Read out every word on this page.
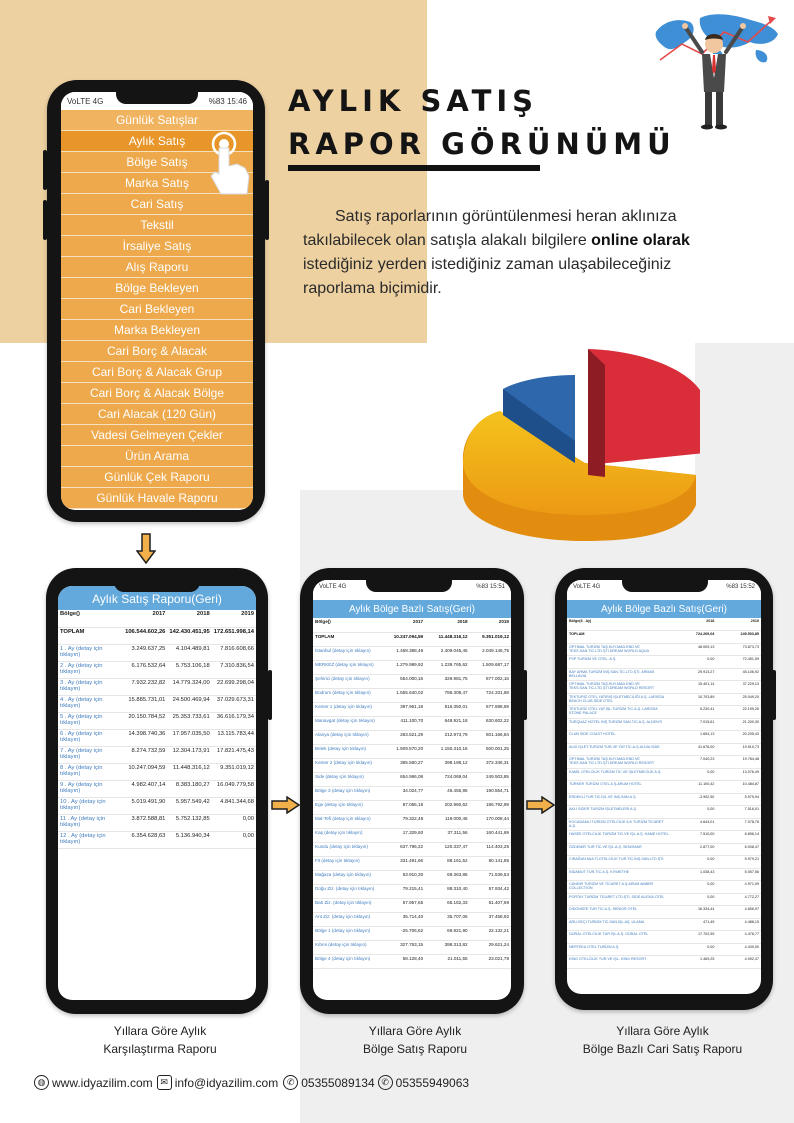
AYLIK SATIŞ
RAPOR GÖRÜNÜMÜ
Satış raporlarının görüntülenmesi heran aklınıza takılabilecek olan satışla alakalı bilgilere online olarak istediğiniz yerden istediğiniz zaman ulaşabileceğiniz raporlama biçimidir.
VoLTE 4G	%83 15:46
Günlük Satışlar
Aylık Satış
Bölge Satış
Marka Satış
Cari Satış
Tekstil
İrsaliye Satış
Alış Raporu
Bölge Bekleyen
Cari Bekleyen
Marka Bekleyen
Cari Borç & Alacak
Cari Borç & Alacak Grup
Cari Borç & Alacak Bölge
Cari Alacak (120 Gün)
Vadesi Gelmeyen Çekler
Ürün Arama
Günlük Çek Raporu
Günlük Havale Raporu
Aylık Satış Raporu(Geri)
Bölge()	2017	2018	2019
TOPLAM	106.544.602,26	142.430.451,95	172.651.998,14
1 . Ay (detay için tıklayın)	3.249.637,25	4.104.489,81	7.816.608,66
2 . Ay (detay için tıklayın)	6.176.532,64	5.753.106,18	7.310.836,54
3 . Ay (detay için tıklayın)	7.932.232,82	14.779.324,00	22.699.298,04
4 . Ay (detay için tıklayın)	15.885.731,01	24.500.469,94	37.029.673,31
5 . Ay (detay için tıklayın)	20.150.784,52	25.353.733,61	36.616.179,34
6 . Ay (detay için tıklayın)	14.398.740,36	17.957.035,50	13.115.783,44
7 . Ay (detay için tıklayın)	8.274.732,59	12.304.173,91	17.821.475,43
8 . Ay (detay için tıklayın)	10.247.094,59	11.448.316,12	9.351.019,12
9 . Ay (detay için tıklayın)	4.982.407,14	8.383.180,27	16.049.779,58
10 . Ay (detay için tıklayın)	5.019.491,90	5.957.549,42	4.841.344,68
11 . Ay (detay için tıklayın)	3.872.588,81	5.752.132,85	0,00
12 . Ay (detay için tıklayın)	6.354.628,63	5.136.940,34	0,00
VoLTE 4G	%83 15:51
Aylık Bölge Bazlı Satış(Geri)
Bölge()	2017	2018	2019
TOPLAM	10.247.094,59	11.448.316,12	9.351.019,12
İstanbul (detay için tıklayın)	1.468.388,46	2.409.045,45	2.049.146,75
MERKEZ (detay için tıklayın)	1.279.989,92	1.239.765,62	1.509.687,17
Şehirici (detay için tıklayın)	554.000,16	329.981,75	877.002,16
Bodrum (detay için tıklayın)	1.555.640,02	786.308,47	724.331,68
Kemer 1 (detay için tıklayın)	397.961,18	516.350,01	677.698,69
Manavgat (detay için tıklayın)	411.100,70	648.921,18	630.602,22
Alanya (detay için tıklayın)	283.521,29	212.973,79	601.166,84
Belek (detay için tıklayın)	1.509.570,20	1.150.310,16	500.001,25
Kemer 2 (detay için tıklayın)	365.560,27	398.198,12	372.346,31
Side (detay için tıklayın)	654.966,08	724.069,04	249.503,85
Bölge 3 (detay için tıklayın)	34.024,77	46.455,95	190.554,71
Ege (detay için tıklayın)	87.065,16	202.960,62	186.792,99
Mal-Tefi (detay için tıklayın)	79.322,48	119.000,46	170.008,44
Kaş (detay için tıklayın)	17.329,60	37.311,56	160.441,69
Kundu (detay için tıklayın)	637.796,22	120.337,47	114.403,25
Fit (detay için tıklayın)	331.491,66	88.161,52	80.141,85
Mağaza (detay için tıklayın)	53.910,30	69.363,86	71.539,53
Doğu Ziz. (detay için tıklayın)	79.215,41	88.310,40	57.934,42
Batı Ziz. (detay için tıklayın)	57.957,65	65.162,33	51.407,69
Ant Ziz. (detay için tıklayın)	35.714,40	35.707,06	37.458,92
Bölge 1 (detay için tıklayın)	-25.706,62	69.921,90	22.132,21
Kıbrıs (detay için tıklayın)	327.763,15	398.313,82	29.621,24
Bölge 4 (detay için tıklayın)	58.128,40	21.011,55	23.021,78
VoLTE 4G	%83 15:52
Aylık Bölge Bazlı Satış(Geri)
Bölge(8 . Ay)	2018	2019
TOPLAM	724.269,04	249.503,85
OPTIMAL TURİZM TAŞ.KUY.MAD.END.VE TEKS.SAN.TİC.LTD.ŞTİ.DREAM WORLD AQUA	48.009,13	73.873,73
FSP TURİZM VE OTEL. A.Ş.	0,00	72.451,59
BAY ARMA TURİZM İNŞ.SAN.TİC.LTD.ŞTİ. ARMAS BELLAVİA	29.913,27	45.106,92
OPTIMAL TURİZM TAŞ.KUY.MAD.END.VE TEKS.SAN.TİC.LTD.ŞTİ.DREAM WORLD RESORT	15.401,14	37.229,13
TEKTURİZ OTEL YATIRIŞ İŞLETMECİLİĞİ A.Ş. LARISSA BEACH CLUB SİDE OTEL	10.703,89	25.049,20
TEKTURİZ OTEL YAT.İŞL.TURİZM TİC.A.Ş. LARISSA STONE PALACE	5.230,41	22.199,26
TURQUAZ HOTEL İNŞ TURİZM SAN.TİC.A.Ş. ALDEN'S	7.015,61	21.200,30
CLUB SİDE COAST HOTEL	1.654,13	20.205,43
ALDİ İŞLET.TURİZM TUR.VE YAT.TİC.A.Ş.ALDİA SİDE	41.676,00	19.510,73
OPTIMAL TURİZM TAŞ.KUY.MAD.END.VE TEKS.SAN.TİC.LTD.ŞTİ.DREAM WORLD RESORT	7.040,23	19.784,48
KAMİL OTELCİLİK TURİZM TİC.VE İŞLETMECİLİK A.Ş.	0,00	13.076,49
TURKER TURİZM OTEL A.Ş.ARUM HOTEL	11.100,42	10.484,87
ERDEKLİ TUR.TİC.İŞL.VE İNŞ.SAN.A.Ş.	-3.902,50	5.975,94
AKLİ SİDER TURİZM İŞLETMELERİ A.Ş.	0,00	7.516,01
KOCADAMLI TURİZM OTELCİLİK İLK TURİZM TİCARET A.Ş.	4.644,01	7.078,76
HASEE OTELCİLİK TURİZM TİC.VE İŞL.A.Ş. HAME HOTEL	7.510,00	6.896,14
ÖZDEMİR TUR TİC.VE İŞL.A.Ş. SENOMAR	2.877,00	6.008,47
CIRAĞAN MULTİ-OTELCİLİK TUR.TİC.İNŞ.SAN.LTD.ŞTİ.	0,00	5.979,21
İNDAMUT TUR.TİC.A.Ş. KİYMETHE	1.038,43	5.057,56
CANDİR TURİZM VE TİCARET A.Ş.ARUM AMBER COLLECTION	0,00	4.971,09
PORTAY TURİZM TİCARET LTD.ŞTİ. SİDE ALEXIA OTEL	0,00	4.772,27
DİDONSEE TUR TİC A.Ş. SENIOR OTEL	16.334,44	4.656,97
ARU-SEÇİ TURİZM TİC.SAN.İŞL.AŞ. ULAMA	471,45	4.488,15
GÜRAL OTELCİLİK TUR İŞL A.Ş. GÜRAL OTEL	17.702,55	4.476,77
NERTEKA OTEL TURİZM A.Ş.	0,00	4.430,00
KİNG OTELCİLİK TUR.VE İŞL. KİNG RESORT	1.469,25	4.092,37
Yıllara Göre Aylık
Karşılaştırma Raporu
Yıllara Göre Aylık
Bölge Satış Raporu
Yıllara Göre Aylık
Bölge Bazlı Cari Satış Raporu
◍ www.idyazilim.com ✉ info@idyazilim.com ✆ 05355089134 ✆ 05355949063
